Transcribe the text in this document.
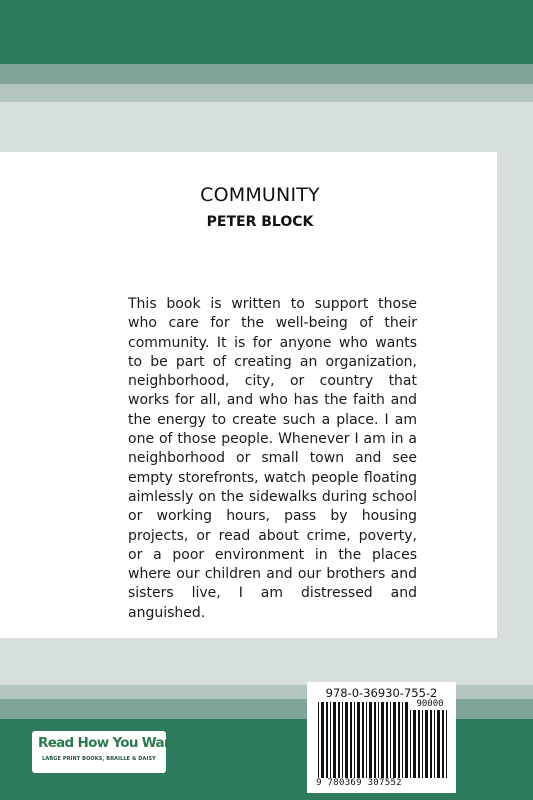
COMMUNITY
PETER BLOCK

This book is written to support those who care for the well-being of their community. It is for anyone who wants to be part of creating an organization, neighborhood, city, or country that works for all, and who has the faith and the energy to create such a place. I am one of those people. Whenever I am in a neighborhood or small town and see empty storefronts, watch people floating aimlessly on the sidewalks during school or working hours, pass by housing projects, or read about crime, poverty, or a poor environment in the places where our children and our brothers and sisters live, I am distressed and anguished.

Read How You Want
LARGE PRINT BOOKS, BRAILLE & DAISY
978-0-36930-755-2
90000
9 780369 307552
